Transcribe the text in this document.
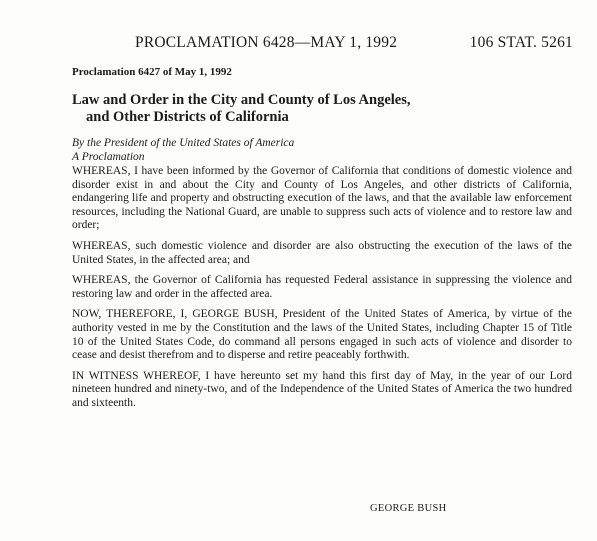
PROCLAMATION 6428—MAY 1, 1992	106 STAT. 5261

Proclamation 6427 of May 1, 1992

Law and Order in the City and County of Los Angeles,
and Other Districts of California

By the President of the United States of America

A Proclamation

WHEREAS, I have been informed by the Governor of California that conditions of domestic violence and disorder exist in and about the City and County of Los Angeles, and other districts of California, endangering life and property and obstructing execution of the laws, and that the available law enforcement resources, including the National Guard, are unable to suppress such acts of violence and to restore law and order;

WHEREAS, such domestic violence and disorder are also obstructing the execution of the laws of the United States, in the affected area; and

WHEREAS, the Governor of California has requested Federal assistance in suppressing the violence and restoring law and order in the affected area.

NOW, THEREFORE, I, GEORGE BUSH, President of the United States of America, by virtue of the authority vested in me by the Constitution and the laws of the United States, including Chapter 15 of Title 10 of the United States Code, do command all persons engaged in such acts of violence and disorder to cease and desist therefrom and to disperse and retire peaceably forthwith.

IN WITNESS WHEREOF, I have hereunto set my hand this first day of May, in the year of our Lord nineteen hundred and ninety-two, and of the Independence of the United States of America the two hundred and sixteenth.

GEORGE BUSH
